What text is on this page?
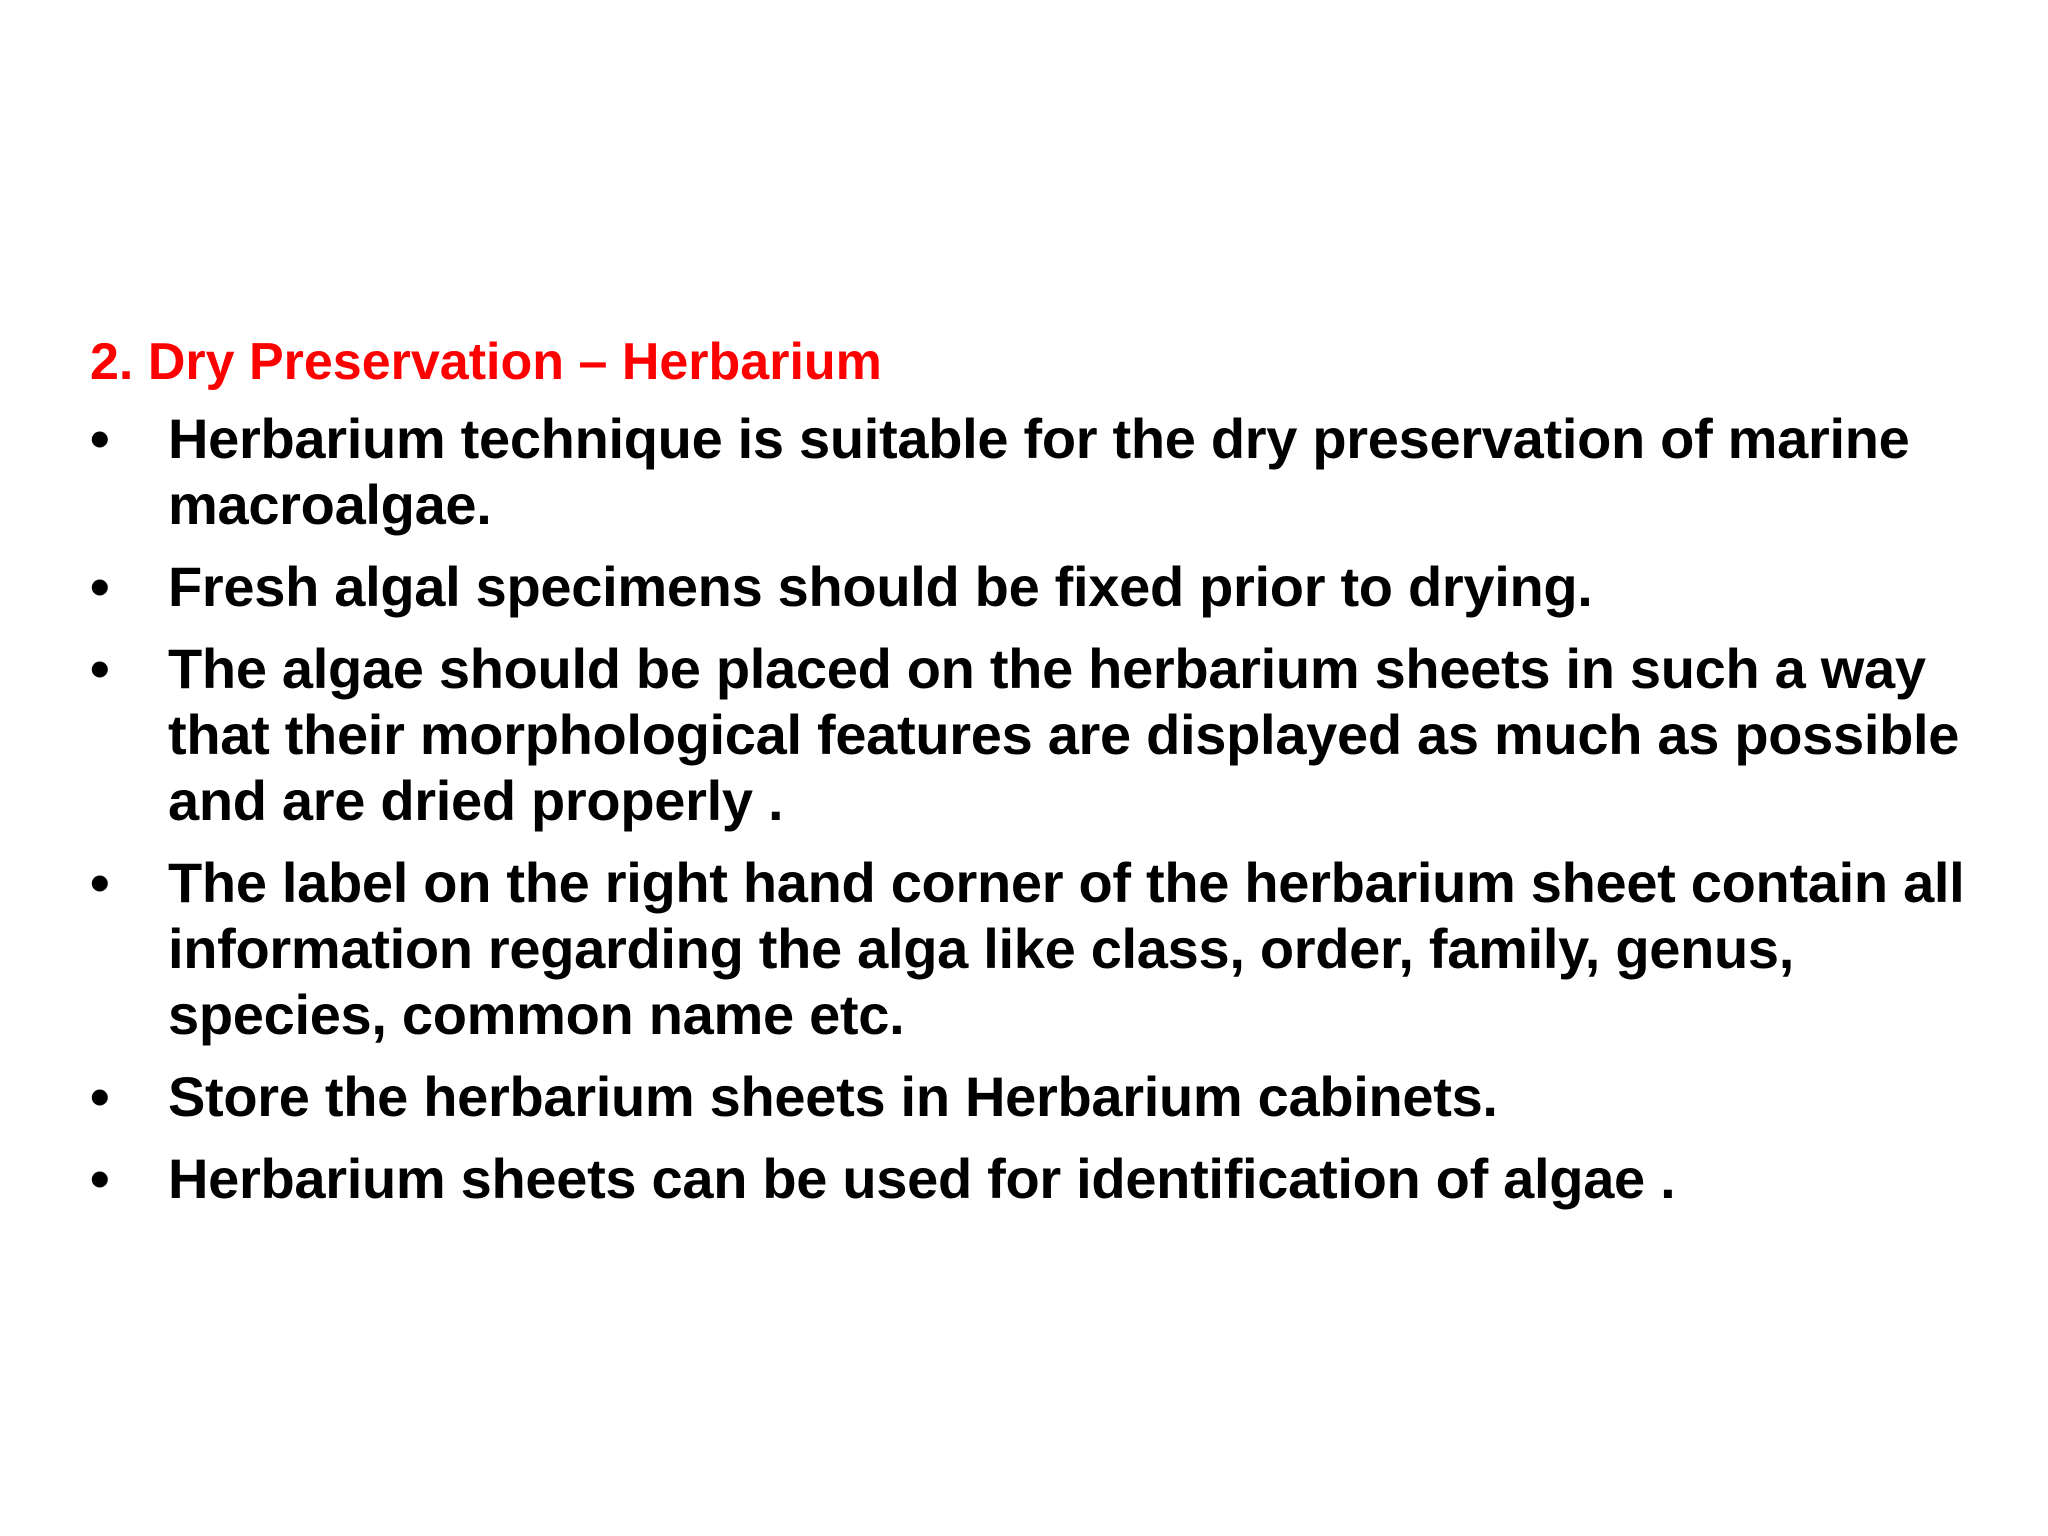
2. Dry Preservation – Herbarium
•	Herbarium technique is suitable for the dry preservation of marine macroalgae.
•	Fresh algal specimens should be fixed prior to drying.
•	The algae should be placed on the herbarium sheets in such a way that their morphological features are displayed as much as possible and are dried properly .
•	The label on the right hand corner of the herbarium sheet contain all information regarding the alga like class, order, family, genus, species, common name etc.
•	Store the herbarium sheets in Herbarium cabinets.
•	Herbarium sheets can be used for identification of algae .
